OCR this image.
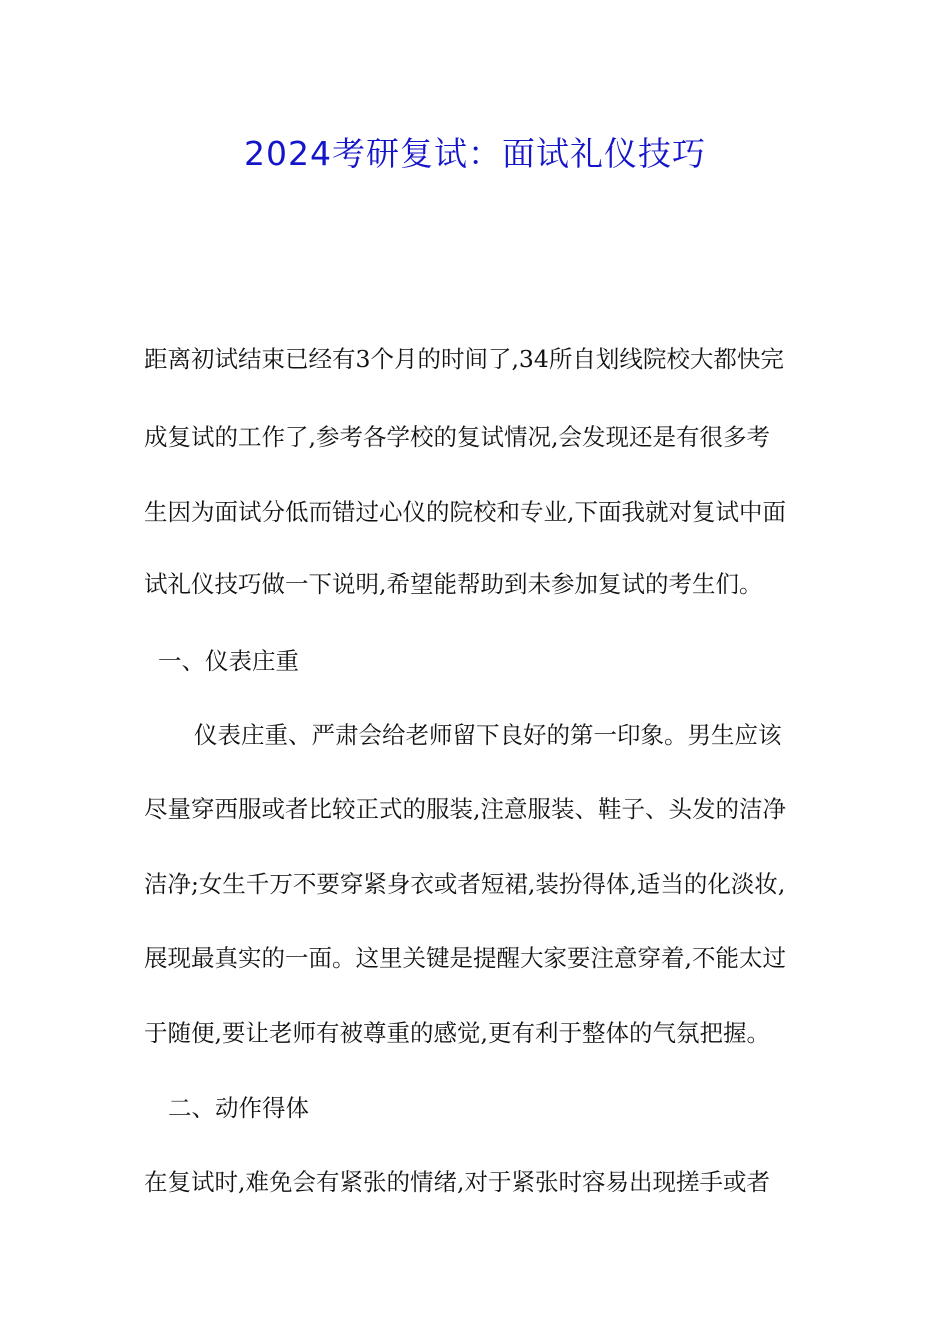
2024考研复试：面试礼仪技巧

距离初试结束已经有3个月的时间了,34所自划线院校大都快完

成复试的工作了,参考各学校的复试情况,会发现还是有很多考

生因为面试分低而错过心仪的院校和专业,下面我就对复试中面

试礼仪技巧做一下说明,希望能帮助到未参加复试的考生们。

一、仪表庄重

仪表庄重、严肃会给老师留下良好的第一印象。男生应该

尽量穿西服或者比较正式的服装,注意服装、鞋子、头发的洁净

洁净;女生千万不要穿紧身衣或者短裙,装扮得体,适当的化淡妆,

展现最真实的一面。这里关键是提醒大家要注意穿着,不能太过

于随便,要让老师有被尊重的感觉,更有利于整体的气氛把握。

二、动作得体

在复试时,难免会有紧张的情绪,对于紧张时容易出现搓手或者
